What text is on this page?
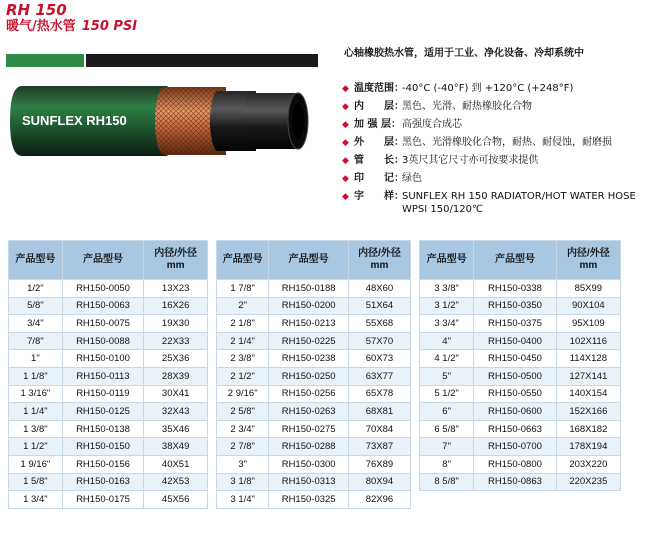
RH 150
暖气/热水管 150 PSI
SUNFLEX RH150
心轴橡胶热水管，适用于工业、净化设备、冷却系统中
◆ 温度范围：
-40°C (-40°F) 到 +120°C (+248°F)
◆ 内　　层：
黑色、光滑、耐热橡胶化合物
◆ 加 强 层： 高强度合成芯
◆ 外　　层：
黑色、光滑橡胶化合物，耐热、耐侵蚀，耐磨损
◆ 管　　长：
3英尺其它尺寸亦可按要求提供
◆ 印　　记：
绿色
◆ 字　　样：
SUNFLEX RH 150 RADIATOR/HOT WATER HOSE WPSI 150/120℃
产品型号	产品型号	内径/外径
mm
1/2"	RH150-0050	13X23
5/8"	RH150-0063	16X26
3/4"	RH150-0075	19X30
7/8"	RH150-0088	22X33
1"	RH150-0100	25X36
1 1/8"	RH150-0113	28X39
1 3/16"	RH150-0119	30X41
1 1/4"	RH150-0125	32X43
1 3/8"	RH150-0138	35X46
1 1/2"	RH150-0150	38X49
1 9/16"	RH150-0156	40X51
1 5/8"	RH150-0163	42X53
1 3/4"	RH150-0175	45X56
产品型号	产品型号	内径/外径
mm
1 7/8"	RH150-0188	48X60
2"	RH150-0200	51X64
2 1/8"	RH150-0213	55X68
2 1/4"	RH150-0225	57X70
2 3/8"	RH150-0238	60X73
2 1/2"	RH150-0250	63X77
2 9/16"	RH150-0256	65X78
2 5/8"	RH150-0263	68X81
2 3/4"	RH150-0275	70X84
2 7/8"	RH150-0288	73X87
3"	RH150-0300	76X89
3 1/8"	RH150-0313	80X94
3 1/4"	RH150-0325	82X96
产品型号	产品型号	内径/外径
mm
3 3/8"	RH150-0338	85X99
3 1/2"	RH150-0350	90X104
3 3/4"	RH150-0375	95X109
4"	RH150-0400	102X116
4 1/2"	RH150-0450	114X128
5"	RH150-0500	127X141
5 1/2"	RH150-0550	140X154
6"	RH150-0600	152X166
6 5/8"	RH150-0663	168X182
7"	RH150-0700	178X194
8"	RH150-0800	203X220
8 5/8"	RH150-0863	220X235
